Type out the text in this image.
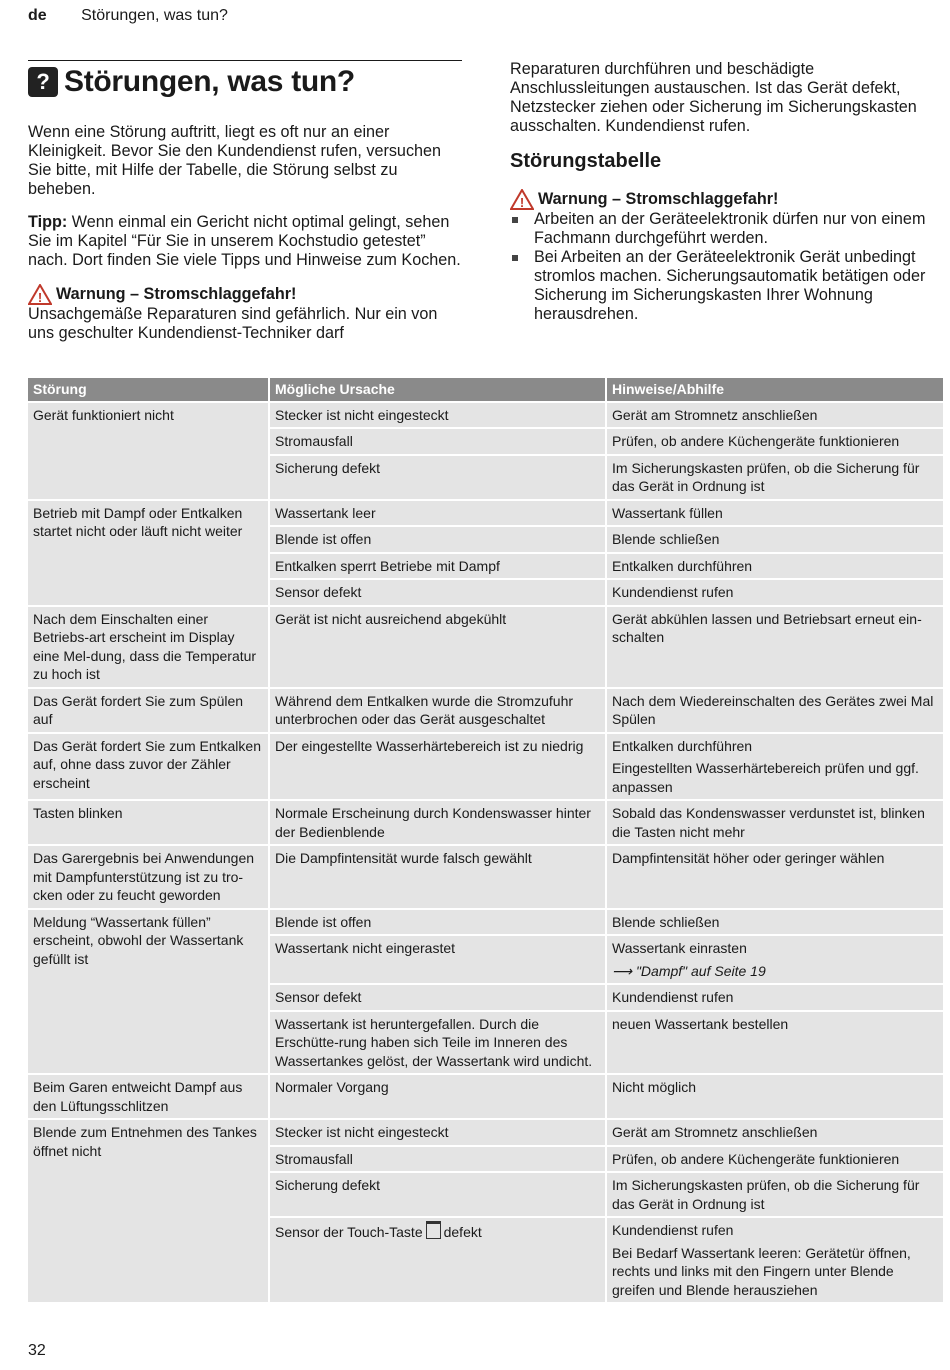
de Störungen, was tun?
? Störungen, was tun?

Wenn eine Störung auftritt, liegt es oft nur an einer Kleinigkeit. Bevor Sie den Kundendienst rufen, versuchen Sie bitte, mit Hilfe der Tabelle, die Störung selbst zu beheben.

Tipp: Wenn einmal ein Gericht nicht optimal gelingt, sehen Sie im Kapitel “Für Sie in unserem Kochstudio getestet” nach. Dort finden Sie viele Tipps und Hinweise zum Kochen.

! Warnung – Stromschlaggefahr!

Unsachgemäße Reparaturen sind gefährlich. Nur ein von uns geschulter Kundendienst-Techniker darf

Reparaturen durchführen und beschädigte Anschlussleitungen austauschen. Ist das Gerät defekt, Netzstecker ziehen oder Sicherung im Sicherungskasten ausschalten. Kundendienst rufen.

Störungstabelle
! Warnung – Stromschlaggefahr!
Arbeiten an der Geräteelektronik dürfen nur von einem Fachmann durchgeführt werden.
Bei Arbeiten an der Geräteelektronik Gerät unbedingt stromlos machen. Sicherungsautomatik betätigen oder Sicherung im Sicherungskasten Ihrer Wohnung herausdrehen.
Störung	Mögliche Ursache	Hinweise/Abhilfe
Gerät funktioniert nicht	Stecker ist nicht eingesteckt	Gerät am Stromnetz anschließen

	Stromausfall	Prüfen, ob andere Küchengeräte funktionieren

	Sicherung defekt	Im Sicherungskasten prüfen, ob die Sicherung für das Gerät in Ordnung ist

Betrieb mit Dampf oder Entkalken startet nicht oder läuft nicht weiter	Wassertank leer	Wassertank füllen

	Blende ist offen	Blende schließen

	Entkalken sperrt Betriebe mit Dampf	Entkalken durchführen

	Sensor defekt	Kundendienst rufen

Nach dem Einschalten einer Betriebs-art erscheint im Display eine Mel-dung, dass die Temperatur zu hoch ist	Gerät ist nicht ausreichend abgekühlt	Gerät abkühlen lassen und Betriebsart erneut ein-schalten

Das Gerät fordert Sie zum Spülen auf	Während dem Entkalken wurde die Stromzufuhr unterbrochen oder das Gerät ausgeschaltet	Nach dem Wiedereinschalten des Gerätes zwei Mal Spülen

Das Gerät fordert Sie zum Entkalken auf, ohne dass zuvor der Zähler erscheint	Der eingestellte Wasserhärtebereich ist zu niedrig	Entkalken durchführen
Eingestellten Wasserhärtebereich prüfen und ggf. anpassen

Tasten blinken	Normale Erscheinung durch Kondenswasser hinter der Bedienblende	Sobald das Kondenswasser verdunstet ist, blinken die Tasten nicht mehr

Das Garergebnis bei Anwendungen mit Dampfunterstützung ist zu tro-cken oder zu feucht geworden	Die Dampfintensität wurde falsch gewählt	Dampfintensität höher oder geringer wählen

Meldung “Wassertank füllen” erscheint, obwohl der Wassertank gefüllt ist	Blende ist offen	Blende schließen

	Wassertank nicht eingerastet	Wassertank einrasten
⟶ "Dampf" auf Seite 19

	Sensor defekt	Kundendienst rufen

	Wassertank ist heruntergefallen. Durch die Erschütte-rung haben sich Teile im Inneren des Wassertankes gelöst, der Wassertank wird undicht.	neuen Wassertank bestellen

Beim Garen entweicht Dampf aus den Lüftungsschlitzen	Normaler Vorgang	Nicht möglich

Blende zum Entnehmen des Tankes öffnet nicht	Stecker ist nicht eingesteckt	Gerät am Stromnetz anschließen

	Stromausfall	Prüfen, ob andere Küchengeräte funktionieren

	Sicherung defekt	Im Sicherungskasten prüfen, ob die Sicherung für das Gerät in Ordnung ist

	Sensor der Touch-Taste defekt	Kundendienst rufen
Bei Bedarf Wassertank leeren: Gerätetür öffnen, rechts und links mit den Fingern unter Blende greifen und Blende herausziehen
32
